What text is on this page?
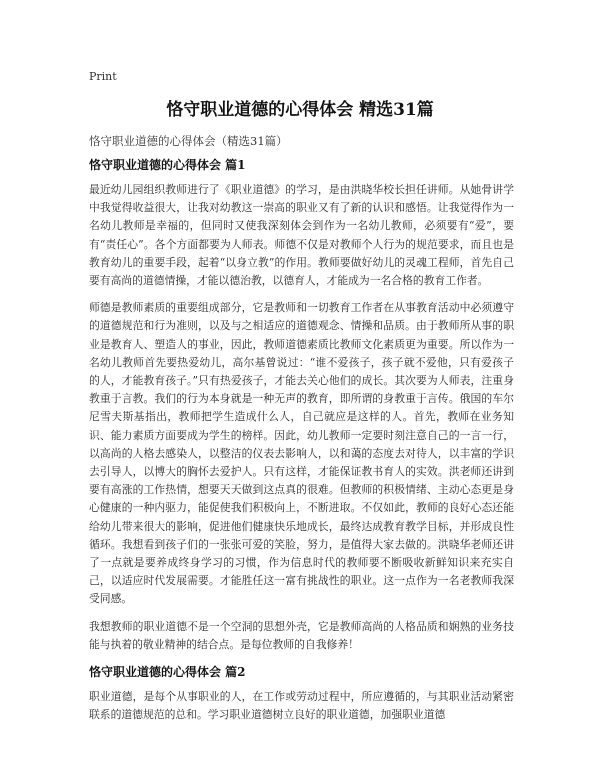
Print
恪守职业道德的心得体会 精选31篇
恪守职业道德的心得体会（精选31篇）
恪守职业道德的心得体会 篇1

最近幼儿园组织教师进行了《职业道德》的学习，是由洪晓华校长担任讲师。从她骨讲学中我觉得收益很大，让我对幼教这一崇高的职业又有了新的认识和感悟。让我觉得作为一名幼儿教师是幸福的，但同时又使我深刻体会到作为一名幼儿教师，必须要有“爱”，要有“责任心”。各个方面都要为人师表。师德不仅是对教师个人行为的规范要求，而且也是教育幼儿的重要手段，起着“以身立教”的作用。教师要做好幼儿的灵魂工程师，首先自己要有高尚的道德情操，才能以德治教，以德育人，才能成为一名合格的教育工作者。

师德是教师素质的重要组成部分，它是教师和一切教育工作者在从事教育活动中必须遵守的道德规范和行为准则，以及与之相适应的道德观念、情操和品质。由于教师所从事的职业是教育人、塑造人的事业，因此，教师道德素质比教师文化素质更为重要。所以作为一名幼儿教师首先要热爱幼儿，高尔基曾说过：“谁不爱孩子，孩子就不爱他，只有爱孩子的人，才能教育孩子。”只有热爱孩子，才能去关心他们的成长。其次要为人师表，注重身教重于言教。我们的行为本身就是一种无声的教育，即所谓的身教重于言传。俄国的车尔尼雪夫斯基指出，教师把学生造成什么人，自己就应是这样的人。首先，教师在业务知识、能力素质方面要成为学生的榜样。因此，幼儿教师一定要时刻注意自己的一言一行，以高尚的人格去感染人，以整洁的仪表去影响人，以和蔼的态度去对待人，以丰富的学识去引导人，以博大的胸怀去爱护人。只有这样，才能保证教书育人的实效。洪老师还讲到要有高涨的工作热情，想要天天做到这点真的很难。但教师的积极情绪、主动心态更是身心健康的一种内驱力，能促使我们积极向上，不断进取。不仅如此，教师的良好心态还能给幼儿带来很大的影响，促进他们健康快乐地成长，最终达成教育教学目标，并形成良性循环。我想看到孩子们的一张张可爱的笑脸，努力，是值得大家去做的。洪晓华老师还讲了一点就是要养成终身学习的习惯，作为信息时代的教师要不断吸收新鲜知识来充实自己，以适应时代发展需要。才能胜任这一富有挑战性的职业。这一点作为一名老教师我深受同感。

我想教师的职业道德不是一个空洞的思想外壳，它是教师高尚的人格品质和娴熟的业务技能与执着的敬业精神的结合点。是每位教师的自我修养！

恪守职业道德的心得体会 篇2

职业道德，是每个从事职业的人，在工作或劳动过程中，所应遵循的，与其职业活动紧密联系的道德规范的总和。学习职业道德树立良好的职业道德，加强职业道德
